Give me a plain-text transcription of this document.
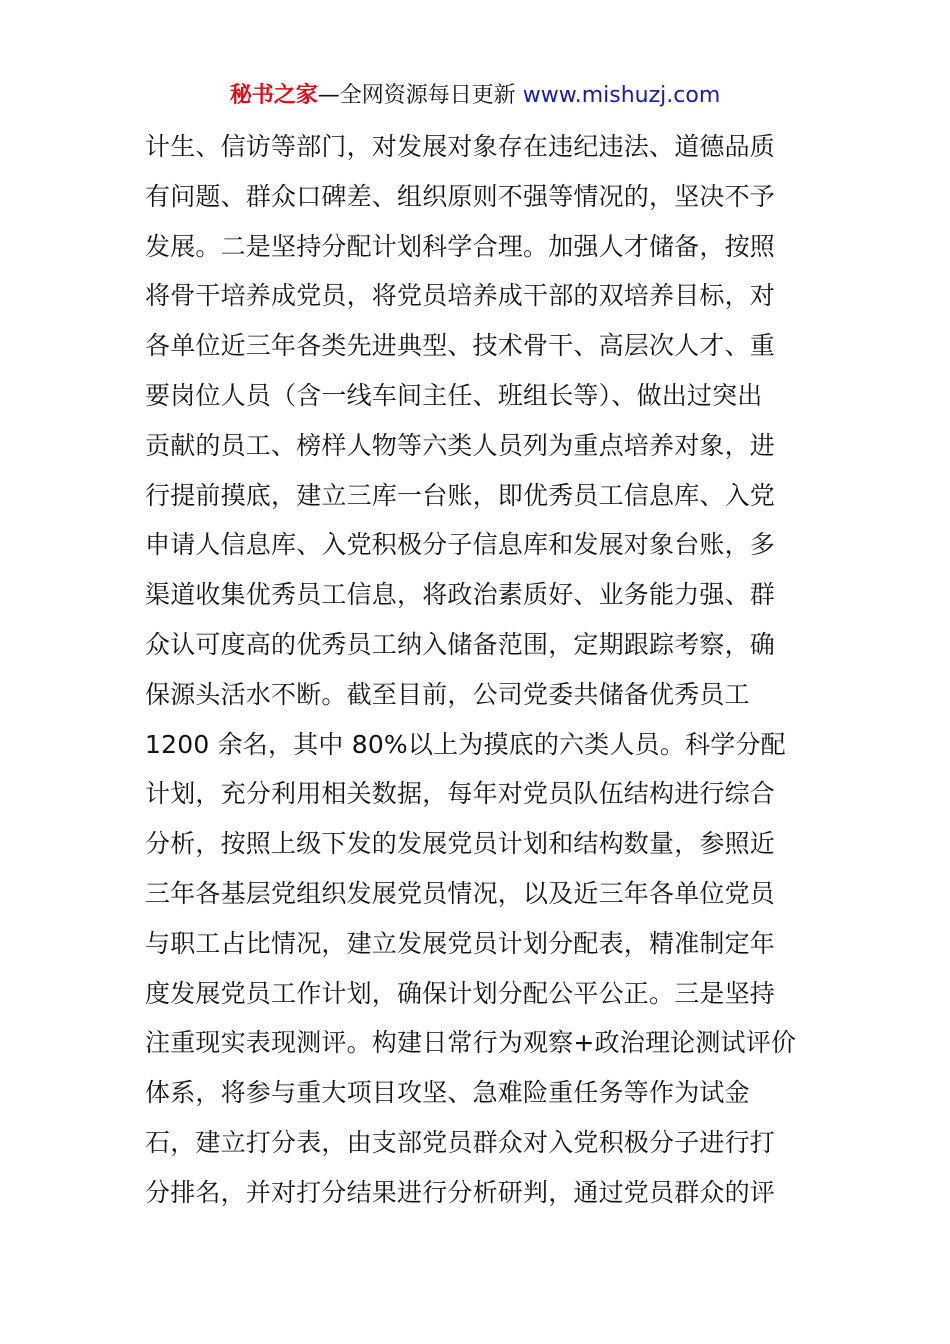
秘书之家—全网资源每日更新 www.mishuzj.com
计生、信访等部门，对发展对象存在违纪违法、道德品质
有问题、群众口碑差、组织原则不强等情况的，坚决不予
发展。二是坚持分配计划科学合理。加强人才储备，按照
将骨干培养成党员，将党员培养成干部的双培养目标，对
各单位近三年各类先进典型、技术骨干、高层次人才、重
要岗位人员（含一线车间主任、班组长等）、做出过突出
贡献的员工、榜样人物等六类人员列为重点培养对象，进
行提前摸底，建立三库一台账，即优秀员工信息库、入党
申请人信息库、入党积极分子信息库和发展对象台账，多
渠道收集优秀员工信息，将政治素质好、业务能力强、群
众认可度高的优秀员工纳入储备范围，定期跟踪考察，确
保源头活水不断。截至目前，公司党委共储备优秀员工
1200 余名，其中 80%以上为摸底的六类人员。科学分配
计划，充分利用相关数据，每年对党员队伍结构进行综合
分析，按照上级下发的发展党员计划和结构数量，参照近
三年各基层党组织发展党员情况，以及近三年各单位党员
与职工占比情况，建立发展党员计划分配表，精准制定年
度发展党员工作计划，确保计划分配公平公正。三是坚持
注重现实表现测评。构建日常行为观察+政治理论测试评价
体系，将参与重大项目攻坚、急难险重任务等作为试金
石，建立打分表，由支部党员群众对入党积极分子进行打
分排名，并对打分结果进行分析研判，通过党员群众的评
